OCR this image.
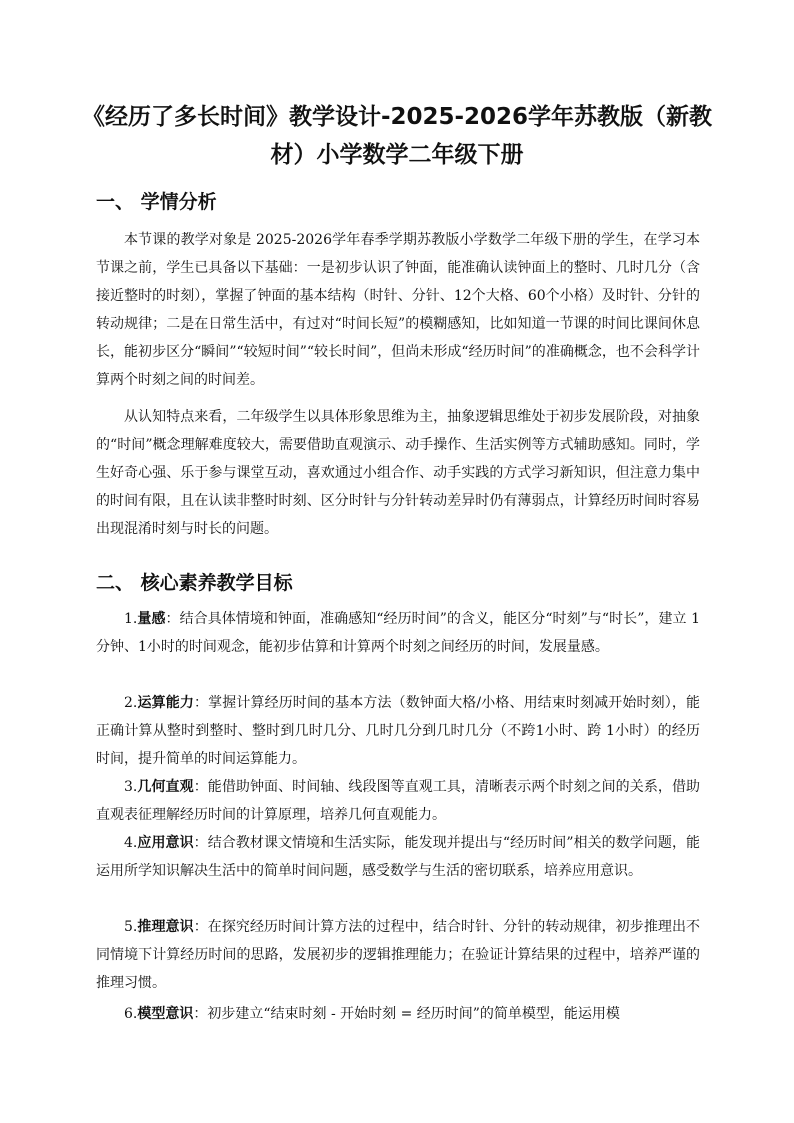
《经历了多长时间》教学设计-2025-2026学年苏教版（新教材）小学数学二年级下册
一、 学情分析
本节课的教学对象是 2025-2026学年春季学期苏教版小学数学二年级下册的学生，在学习本节课之前，学生已具备以下基础：一是初步认识了钟面，能准确认读钟面上的整时、几时几分（含接近整时的时刻），掌握了钟面的基本结构（时针、分针、12个大格、60个小格）及时针、分针的转动规律；二是在日常生活中，有过对“时间长短”的模糊感知，比如知道一节课的时间比课间休息长，能初步区分“瞬间”“较短时间”“较长时间”，但尚未形成“经历时间”的准确概念，也不会科学计算两个时刻之间的时间差。
从认知特点来看，二年级学生以具体形象思维为主，抽象逻辑思维处于初步发展阶段，对抽象的“时间”概念理解难度较大，需要借助直观演示、动手操作、生活实例等方式辅助感知。同时，学生好奇心强、乐于参与课堂互动，喜欢通过小组合作、动手实践的方式学习新知识，但注意力集中的时间有限，且在认读非整时时刻、区分时针与分针转动差异时仍有薄弱点，计算经历时间时容易出现混淆时刻与时长的问题。
二、 核心素养教学目标
1.量感：结合具体情境和钟面，准确感知“经历时间”的含义，能区分“时刻”与“时长”，建立 1分钟、1小时的时间观念，能初步估算和计算两个时刻之间经历的时间，发展量感。
2.运算能力：掌握计算经历时间的基本方法（数钟面大格/小格、用结束时刻减开始时刻），能正确计算从整时到整时、整时到几时几分、几时几分到几时几分（不跨1小时、跨 1小时）的经历时间，提升简单的时间运算能力。
3.几何直观：能借助钟面、时间轴、线段图等直观工具，清晰表示两个时刻之间的关系，借助直观表征理解经历时间的计算原理，培养几何直观能力。
4.应用意识：结合教材课文情境和生活实际，能发现并提出与“经历时间”相关的数学问题，能运用所学知识解决生活中的简单时间问题，感受数学与生活的密切联系，培养应用意识。
5.推理意识：在探究经历时间计算方法的过程中，结合时针、分针的转动规律，初步推理出不同情境下计算经历时间的思路，发展初步的逻辑推理能力；在验证计算结果的过程中，培养严谨的推理习惯。
6.模型意识：初步建立“结束时刻 - 开始时刻 = 经历时间”的简单模型，能运用模
